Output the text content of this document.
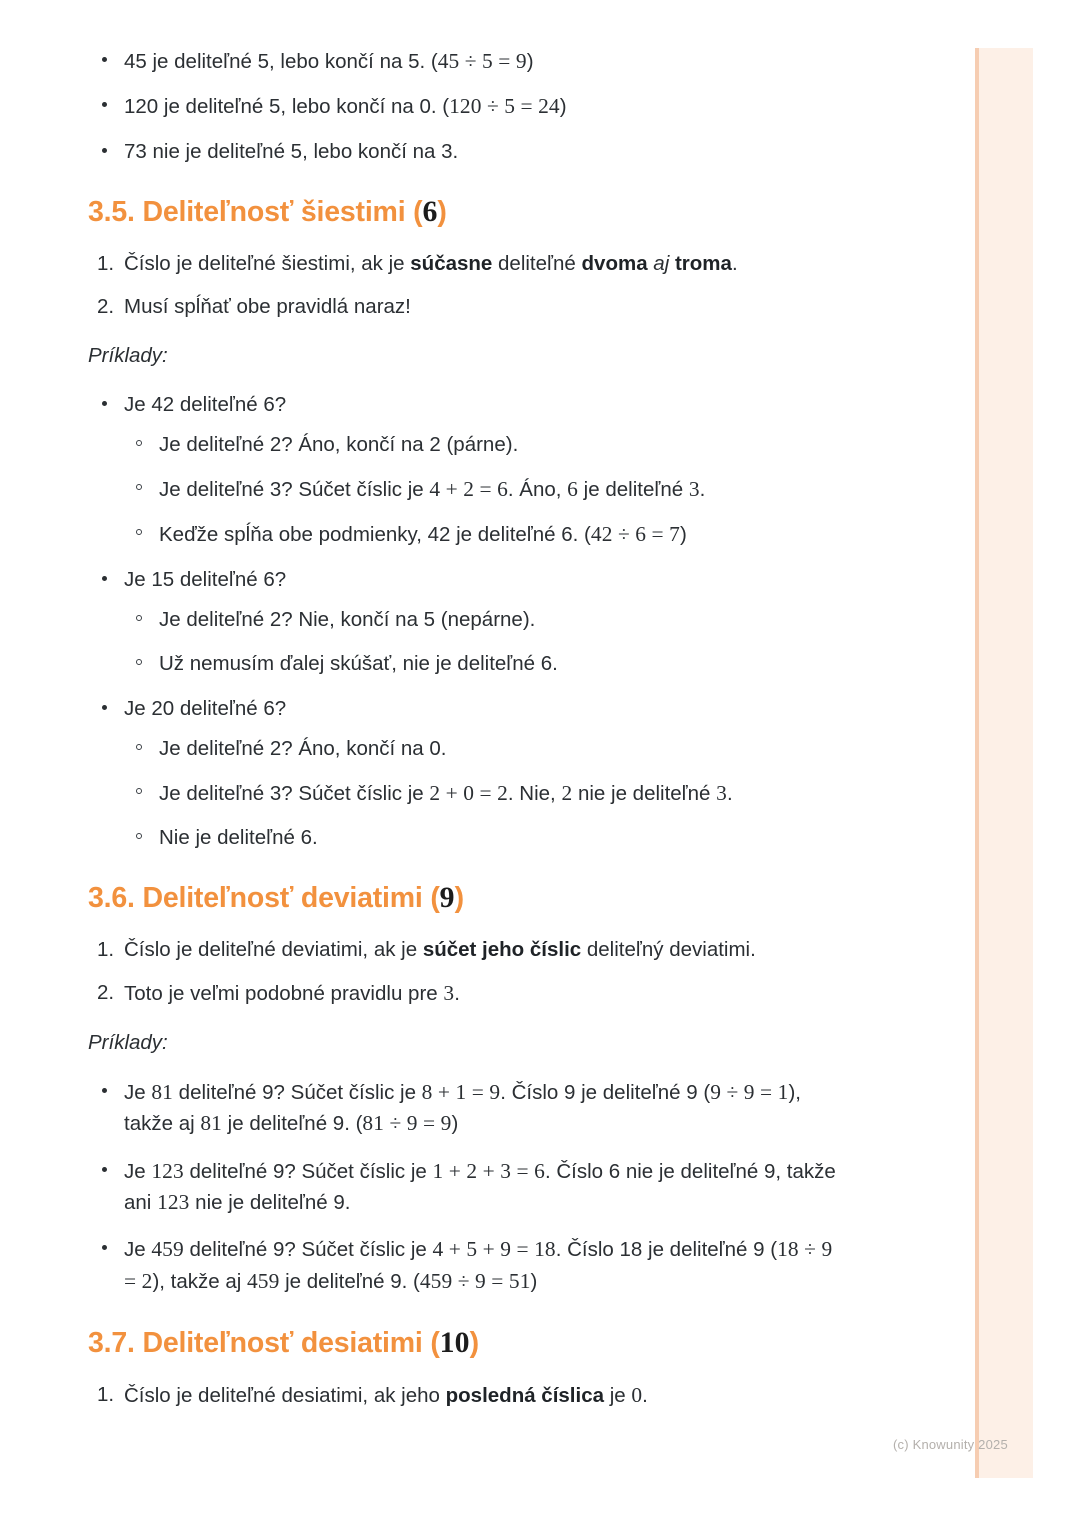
45 je deliteľné 5, lebo končí na 5. (45 ÷ 5 = 9)
120 je deliteľné 5, lebo končí na 0. (120 ÷ 5 = 24)
73 nie je deliteľné 5, lebo končí na 3.
3.5. Deliteľnosť šiestimi (6)
1. Číslo je deliteľné šiestimi, ak je súčasne deliteľné dvoma aj troma.
2. Musí spĺňať obe pravidlá naraz!
Príklady:
Je 42 deliteľné 6?
Je deliteľné 2? Áno, končí na 2 (párne).
Je deliteľné 3? Súčet číslic je 4 + 2 = 6. Áno, 6 je deliteľné 3.
Keďže spĺňa obe podmienky, 42 je deliteľné 6. (42 ÷ 6 = 7)
Je 15 deliteľné 6?
Je deliteľné 2? Nie, končí na 5 (nepárne).
Už nemusím ďalej skúšať, nie je deliteľné 6.
Je 20 deliteľné 6?
Je deliteľné 2? Áno, končí na 0.
Je deliteľné 3? Súčet číslic je 2 + 0 = 2. Nie, 2 nie je deliteľné 3.
Nie je deliteľné 6.
3.6. Deliteľnosť deviatimi (9)
1. Číslo je deliteľné deviatimi, ak je súčet jeho číslic deliteľný deviatimi.
2. Toto je veľmi podobné pravidlu pre 3.
Príklady:
Je 81 deliteľné 9? Súčet číslic je 8 + 1 = 9. Číslo 9 je deliteľné 9 (9 ÷ 9 = 1), takže aj 81 je deliteľné 9. (81 ÷ 9 = 9)
Je 123 deliteľné 9? Súčet číslic je 1 + 2 + 3 = 6. Číslo 6 nie je deliteľné 9, takže ani 123 nie je deliteľné 9.
Je 459 deliteľné 9? Súčet číslic je 4 + 5 + 9 = 18. Číslo 18 je deliteľné 9 (18 ÷ 9 = 2), takže aj 459 je deliteľné 9. (459 ÷ 9 = 51)
3.7. Deliteľnosť desiatimi (10)
1. Číslo je deliteľné desiatimi, ak jeho posledná číslica je 0.
(c) Knowunity 2025
